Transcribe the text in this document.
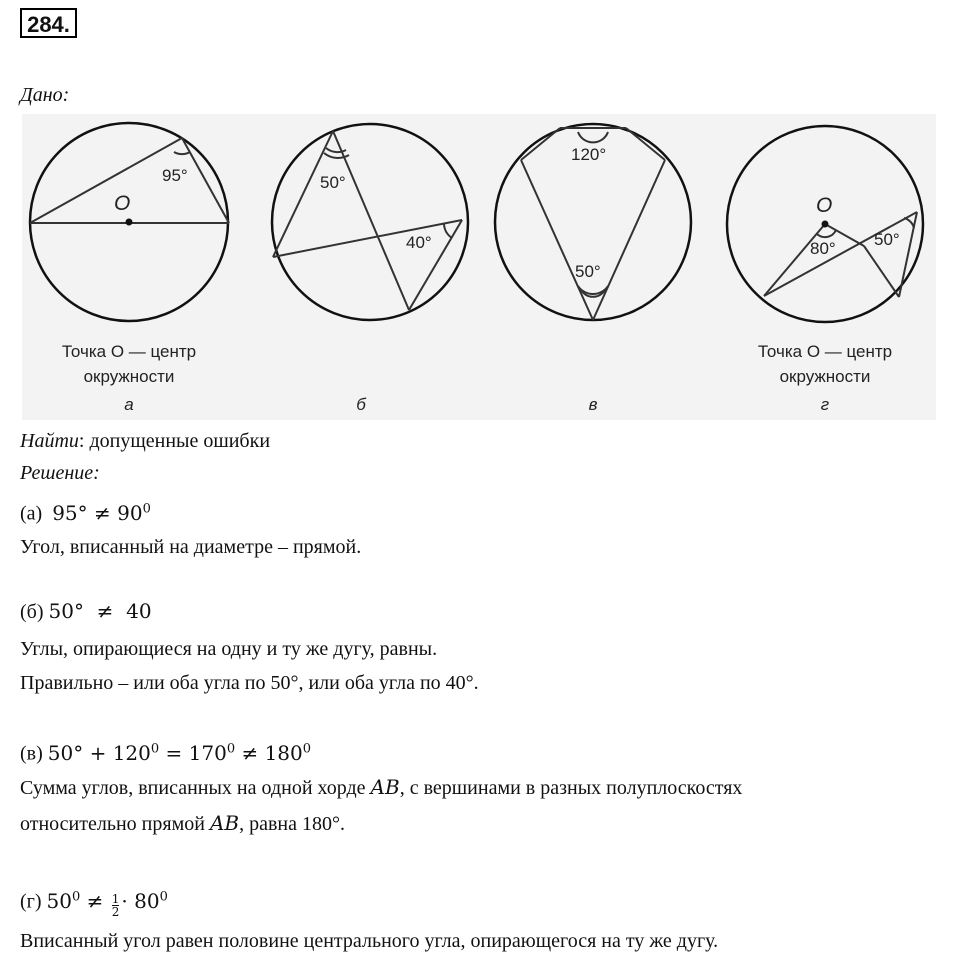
284.
Дано:
95°
O
50°
40°
120°
50°
O
80° 50°
Точка O — центр
окружности
Точка O — центр
окружности
а	б	в	г
Найти: допущенные ошибки
Решение:
(а) $95^\circ \ne 90^0$
Угол, вписанный на диаметре – прямой.
(б) 50°  ≠  40
Углы, опирающиеся на одну и ту же дугу, равны.
Правильно – или оба угла по 50°, или оба угла по 40°.
(в) $50^\circ + 120^0 = 170^0 \ne 180^0$
Сумма углов, вписанных на одной хорде AB, с вершинами в разных полуплоскостях
относительно прямой AB, равна 180°.
(г) $50^0 \ne \frac{1}{2} \cdot 80^0$
Вписанный угол равен половине центрального угла, опирающегося на ту же дугу.
